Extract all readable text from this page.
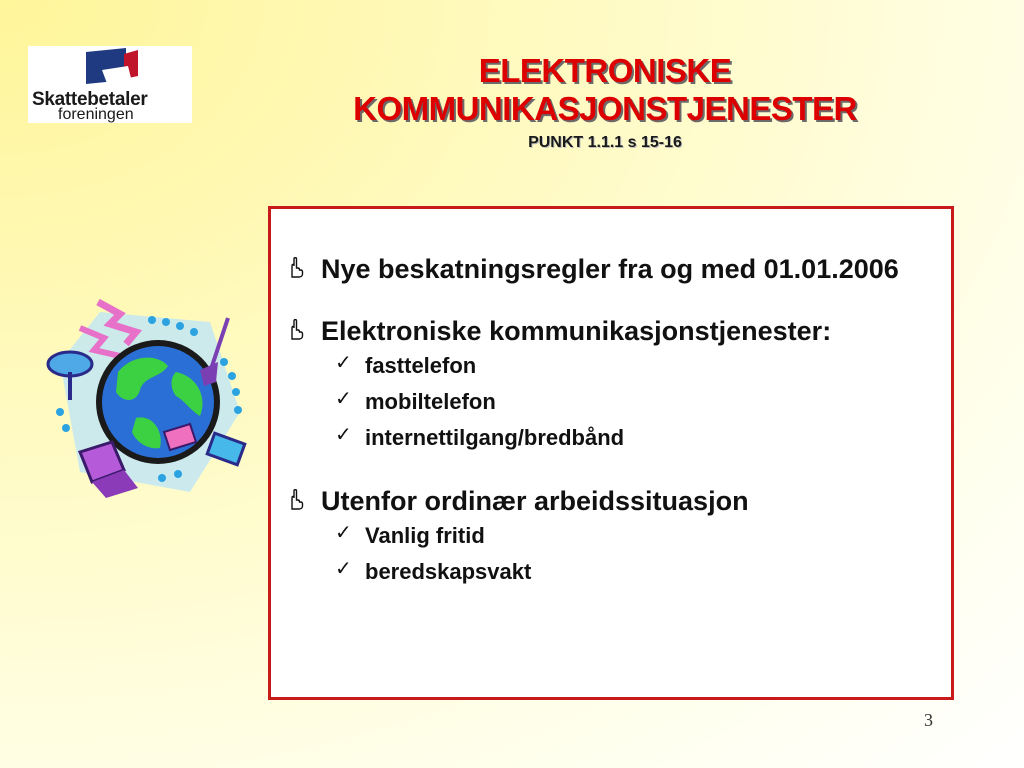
Skattebetaler
foreningen
ELEKTRONISKE
KOMMUNIKASJONSTJENESTER
PUNKT 1.1.1 s 15-16
Nye beskatningsregler fra og med 01.01.2006
Elektroniske kommunikasjonstjenester:
✓ fasttelefon
✓ mobiltelefon
✓ internettilgang/bredbånd
Utenfor ordinær arbeidssituasjon
✓ Vanlig fritid
✓ beredskapsvakt
3
